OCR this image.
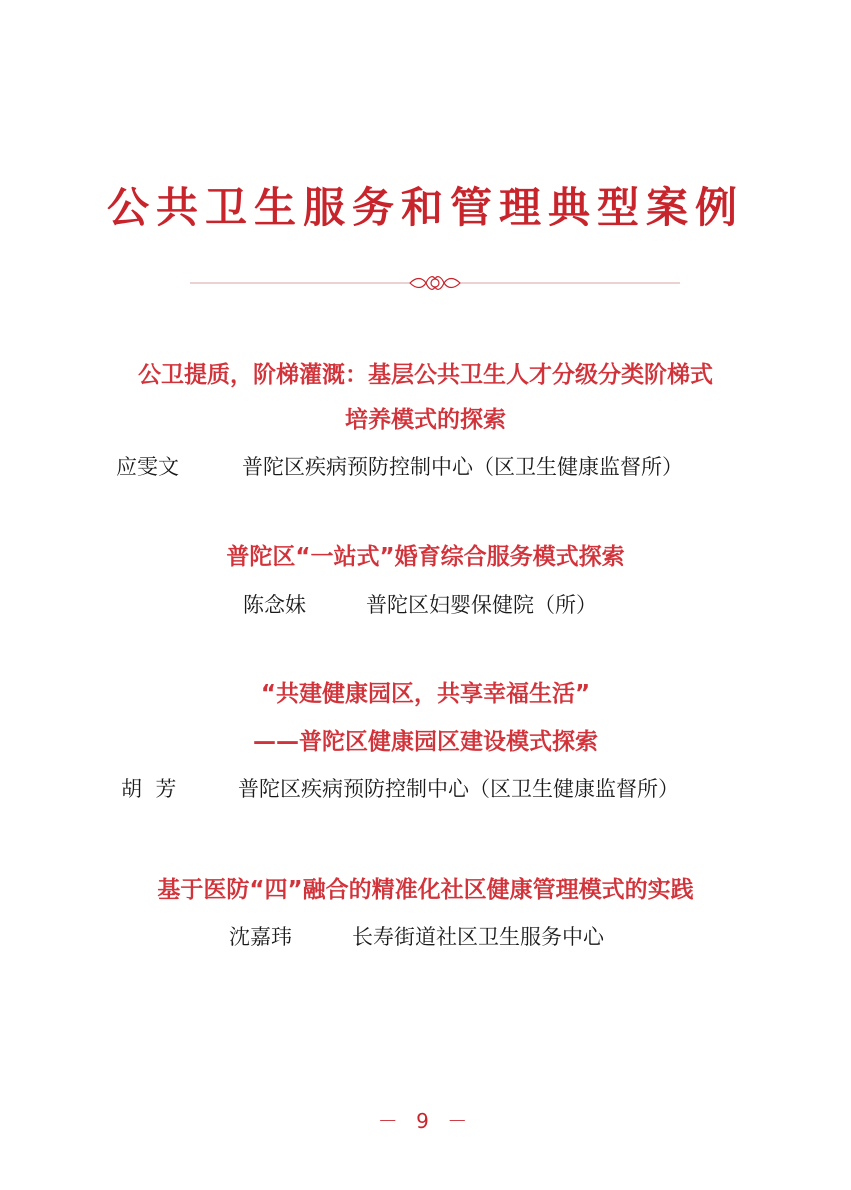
公共卫生服务和管理典型案例

公卫提质，阶梯灌溉：基层公共卫生人才分级分类阶梯式

培养模式的探索

应雯文	普陀区疾病预防控制中心（区卫生健康监督所）

普陀区“一站式”婚育综合服务模式探索

陈念妹	普陀区妇婴保健院（所）

“共建健康园区，共享幸福生活”

——普陀区健康园区建设模式探索

胡  芳	普陀区疾病预防控制中心（区卫生健康监督所）

基于医防“四”融合的精准化社区健康管理模式的实践

沈嘉玮	长寿街道社区卫生服务中心
－ 9 －
